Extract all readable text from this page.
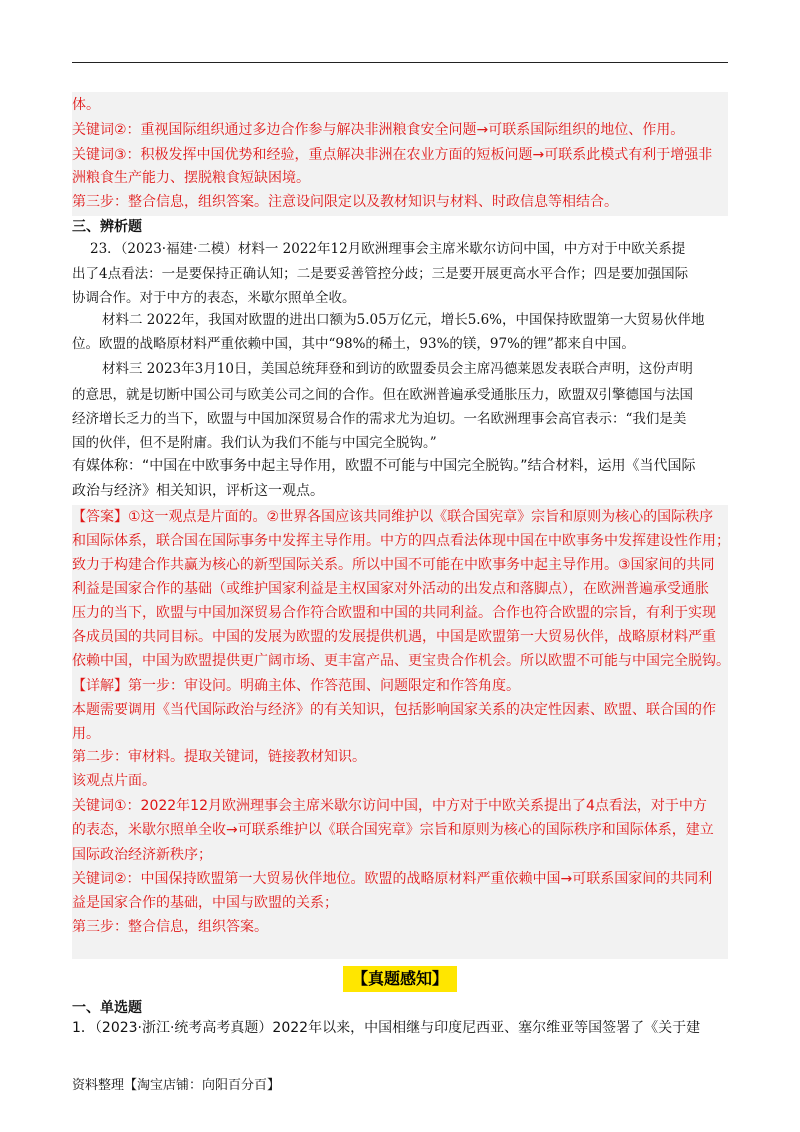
体。
关键词②：重视国际组织通过多边合作参与解决非洲粮食安全问题→可联系国际组织的地位、作用。
关键词③：积极发挥中国优势和经验，重点解决非洲在农业方面的短板问题→可联系此模式有利于增强非
洲粮食生产能力、摆脱粮食短缺困境。
第三步：整合信息，组织答案。注意设问限定以及教材知识与材料、时政信息等相结合。
三、辨析题
23．（2023·福建·二模）材料一 2022年12月欧洲理事会主席米歇尔访问中国，中方对于中欧关系提
出了4点看法：一是要保持正确认知；二是要妥善管控分歧；三是要开展更高水平合作；四是要加强国际
协调合作。对于中方的表态，米歇尔照单全收。
材料二 2022年，我国对欧盟的进出口额为5.05万亿元，增长5.6%，中国保持欧盟第一大贸易伙伴地
位。欧盟的战略原材料严重依赖中国，其中“98%的稀土，93%的镁，97%的锂”都来自中国。
材料三 2023年3月10日，美国总统拜登和到访的欧盟委员会主席冯德莱恩发表联合声明，这份声明
的意思，就是切断中国公司与欧美公司之间的合作。但在欧洲普遍承受通胀压力，欧盟双引擎德国与法国
经济增长乏力的当下，欧盟与中国加深贸易合作的需求尤为迫切。一名欧洲理事会高官表示：“我们是美
国的伙伴，但不是附庸。我们认为我们不能与中国完全脱钩。”
有媒体称：“中国在中欧事务中起主导作用，欧盟不可能与中国完全脱钩。”结合材料，运用《当代国际
政治与经济》相关知识，评析这一观点。
【答案】①这一观点是片面的。②世界各国应该共同维护以《联合国宪章》宗旨和原则为核心的国际秩序
和国际体系，联合国在国际事务中发挥主导作用。中方的四点看法体现中国在中欧事务中发挥建设性作用；
致力于构建合作共赢为核心的新型国际关系。所以中国不可能在中欧事务中起主导作用。③国家间的共同
利益是国家合作的基础（或维护国家利益是主权国家对外活动的出发点和落脚点），在欧洲普遍承受通胀
压力的当下，欧盟与中国加深贸易合作符合欧盟和中国的共同利益。合作也符合欧盟的宗旨，有利于实现
各成员国的共同目标。中国的发展为欧盟的发展提供机遇，中国是欧盟第一大贸易伙伴，战略原材料严重
依赖中国，中国为欧盟提供更广阔市场、更丰富产品、更宝贵合作机会。所以欧盟不可能与中国完全脱钩。
【详解】第一步：审设问。明确主体、作答范围、问题限定和作答角度。
本题需要调用《当代国际政治与经济》的有关知识，包括影响国家关系的决定性因素、欧盟、联合国的作
用。
第二步：审材料。提取关键词，链接教材知识。
该观点片面。
关键词①：2022年12月欧洲理事会主席米歇尔访问中国，中方对于中欧关系提出了4点看法，对于中方
的表态，米歇尔照单全收→可联系维护以《联合国宪章》宗旨和原则为核心的国际秩序和国际体系，建立
国际政治经济新秩序；
关键词②：中国保持欧盟第一大贸易伙伴地位。欧盟的战略原材料严重依赖中国→可联系国家间的共同利
益是国家合作的基础，中国与欧盟的关系；
第三步：整合信息，组织答案。
【真题感知】
一、单选题
1．（2023·浙江·统考高考真题）2022年以来，中国相继与印度尼西亚、塞尔维亚等国签署了《关于建
资料整理【淘宝店铺：向阳百分百】
